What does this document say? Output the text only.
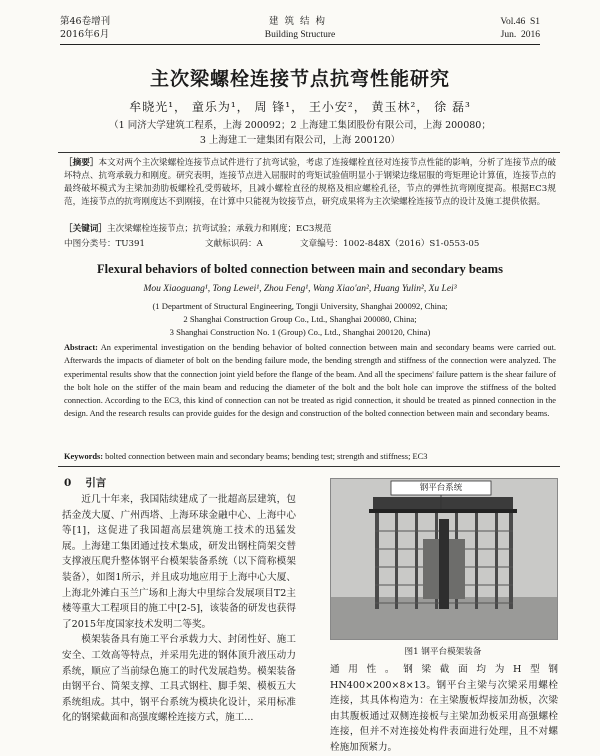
第46卷增刊
2016年6月
建筑结构
Building Structure
Vol.46  S1
Jun.  2016
主次梁螺栓连接节点抗弯性能研究
牟晓光¹， 童乐为¹， 周 锋¹， 王小安²， 黄玉林²， 徐 磊³
（1 同济大学建筑工程系，上海 200092；2 上海建工集团股份有限公司，上海 200080；
3 上海建工一建集团有限公司，上海 200120）
［摘要］本文对两个主次梁螺栓连接节点试件进行了抗弯试验，考虑了连接螺栓直径对连接节点性能的影响，分析了连接节点的破坏特点、抗弯承载力和刚度。研究表明，连接节点进入屈服时的弯矩试验值明显小于钢梁边缘屈服的弯矩理论计算值，连接节点的最终破坏模式为主梁加劲肋板螺栓孔受剪破坏，且减小螺栓直径的规格及相应螺栓孔径，节点的弹性抗弯刚度提高。根据EC3规范，连接节点的抗弯刚度达不到刚接，在计算中只能视为铰接节点，研究成果将为主次梁螺栓连接节点的设计及施工提供依据。
［关键词］主次梁螺栓连接节点；抗弯试验；承载力和刚度；EC3规范
中图分类号：TU391	文献标识码：A	文章编号：1002-848X（2016）S1-0553-05
Flexural behaviors of bolted connection between main and secondary beams
Mou Xiaoguang¹, Tong Lewei¹, Zhou Feng¹, Wang Xiao'an², Huang Yulin², Xu Lei³
(1 Department of Structural Engineering, Tongji University, Shanghai 200092, China;
2 Shanghai Construction Group Co., Ltd., Shanghai 200080, China;
3 Shanghai Construction No. 1 (Group) Co., Ltd., Shanghai 200120, China)
Abstract: An experimental investigation on the bending behavior of bolted connection between main and secondary beams were carried out. Afterwards the impacts of diameter of bolt on the bending failure mode, the bending strength and stiffness of the connection were analyzed. The experimental results show that the connection joint yield before the flange of the beam. And all the specimens' failure pattern is the shear failure of the bolt hole on the stiffer of the main beam and reducing the diameter of the bolt and the bolt hole can improve the stiffness of the bolted connection. According to the EC3, this kind of connection can not be treated as rigid connection, it should be treated as pinned connection in the design. And the research results can provide guides for the design and construction of the bolted connection between main and secondary beams.
Keywords: bolted connection between main and secondary beams; bending test; strength and stiffness; EC3
0 引言

近几十年来，我国陆续建成了一批超高层建筑，包括金茂大厦、广州西塔、上海环球金融中心、上海中心等[1]，这促进了我国超高层建筑施工技术的迅猛发展。上海建工集团通过技术集成，研发出钢柱筒架交替支撑液压爬升整体钢平台模架装备系统（以下简称模架装备），如图1所示，并且成功地应用于上海中心大厦、上海北外滩白玉兰广场和上海大中里综合发展项目T2主楼等重大工程项目的施工中[2-5]，该装备的研发也获得了2015年度国家技术发明二等奖。

模架装备具有施工平台承载力大、封闭性好、施工安全、工效高等特点，并采用先进的钢体顶升液压动力系统，顺应了当前绿色施工的时代发展趋势。模架装备由钢平台、筒架支撑、工具式钢柱、脚手架、模板五大系统组成。其中，钢平台系统为模块化设计，采用标准化的钢梁截面和高强度螺栓连接方式，施工...

钢平台系统
图1 钢平台模架装备
通用性。钢梁截面均为H型钢HN400×200×8×13。钢平台主梁与次梁采用螺栓连接，其具体构造为：在主梁腹板焊接加劲板，次梁由其腹板通过双侧连接板与主梁加劲板采用高强螺栓连接，但并不对连接处构件表面进行处理，且不对螺栓施加预紧力。
